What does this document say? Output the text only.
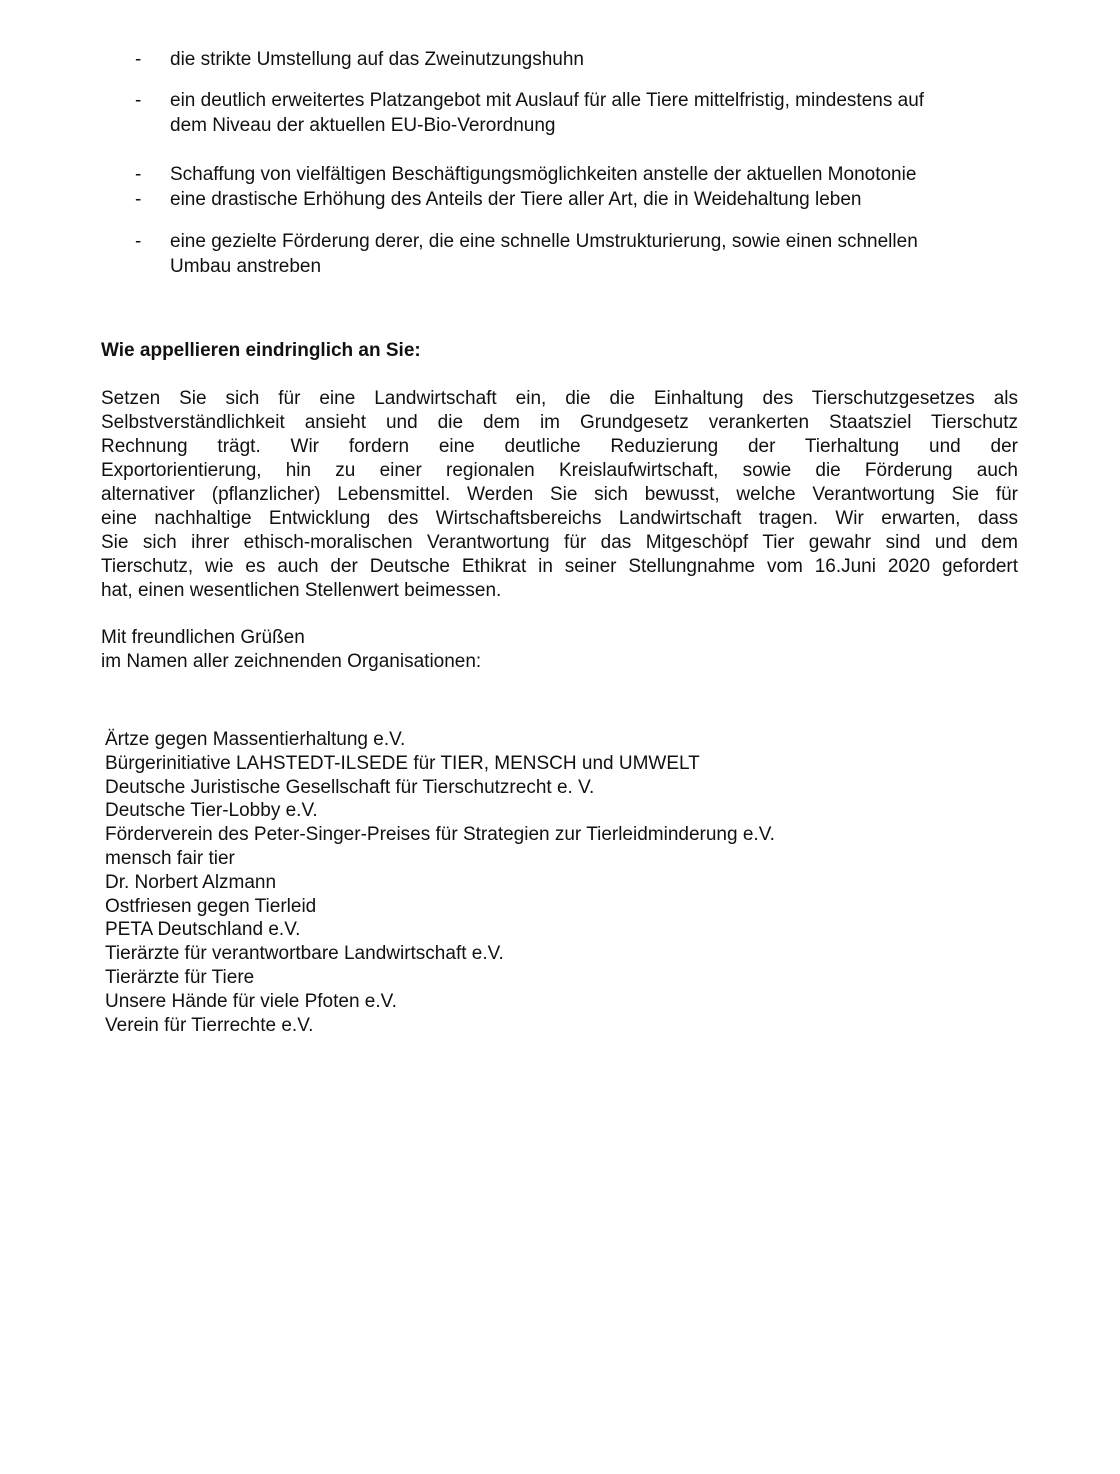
- die strikte Umstellung auf das Zweinutzungshuhn
- ein deutlich erweitertes Platzangebot mit Auslauf für alle Tiere mittelfristig, mindestens auf
dem Niveau der aktuellen EU-Bio-Verordnung
- Schaffung von vielfältigen Beschäftigungsmöglichkeiten anstelle der aktuellen Monotonie
- eine drastische Erhöhung des Anteils der Tiere aller Art, die in Weidehaltung leben
- eine gezielte Förderung derer, die eine schnelle Umstrukturierung, sowie einen schnellen
Umbau anstreben
Wie appellieren eindringlich an Sie:
Setzen Sie sich für eine Landwirtschaft ein, die die Einhaltung des Tierschutzgesetzes als
Selbstverständlichkeit ansieht und die dem im Grundgesetz verankerten Staatsziel Tierschutz
Rechnung trägt. Wir fordern eine deutliche Reduzierung der Tierhaltung und der
Exportorientierung, hin zu einer regionalen Kreislaufwirtschaft, sowie die Förderung auch
alternativer (pflanzlicher) Lebensmittel. Werden Sie sich bewusst, welche Verantwortung Sie für
eine nachhaltige Entwicklung des Wirtschaftsbereichs Landwirtschaft tragen. Wir erwarten, dass
Sie sich ihrer ethisch-moralischen Verantwortung für das Mitgeschöpf Tier gewahr sind und dem
Tierschutz, wie es auch der Deutsche Ethikrat in seiner Stellungnahme vom 16.Juni 2020 gefordert
hat, einen wesentlichen Stellenwert beimessen.
Mit freundlichen Grüßen
im Namen aller zeichnenden Organisationen:
Ärtze gegen Massentierhaltung e.V.
Bürgerinitiative LAHSTEDT-ILSEDE für TIER, MENSCH und UMWELT
Deutsche Juristische Gesellschaft für Tierschutzrecht e. V.
Deutsche Tier-Lobby e.V.
Förderverein des Peter-Singer-Preises für Strategien zur Tierleidminderung e.V.
mensch fair tier
Dr. Norbert Alzmann
Ostfriesen gegen Tierleid
PETA Deutschland e.V.
Tierärzte für verantwortbare Landwirtschaft e.V.
Tierärzte für Tiere
Unsere Hände für viele Pfoten e.V.
Verein für Tierrechte e.V.
